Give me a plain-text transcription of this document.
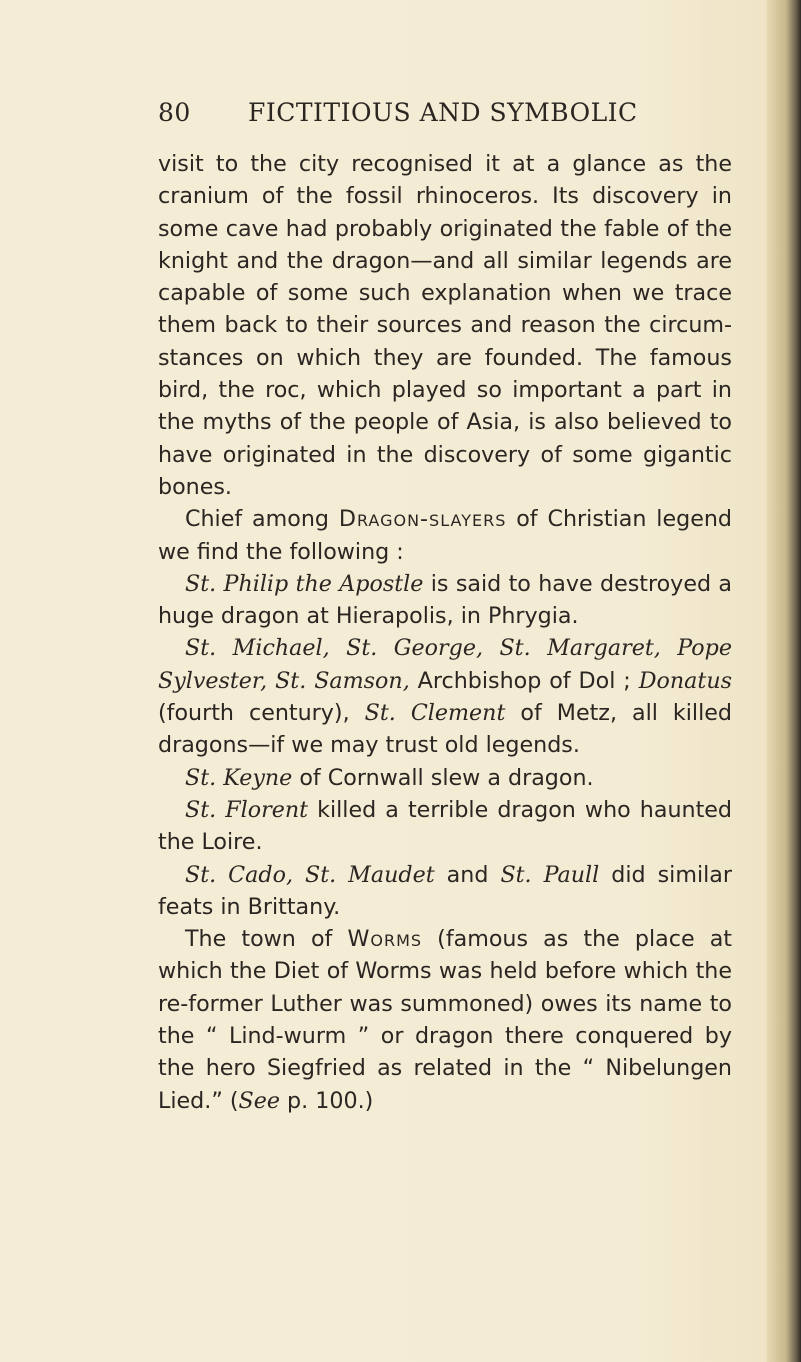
80 FICTITIOUS AND SYMBOLIC

visit to the city recognised it at a glance as the cranium of the fossil rhinoceros. Its discovery in some cave had probably originated the fable of the knight and the dragon—and all similar legends are capable of some such explanation when we trace them back to their sources and reason the circum-stances on which they are founded. The famous bird, the roc, which played so important a part in the myths of the people of Asia, is also believed to have originated in the discovery of some gigantic bones.

Chief among Dragon-slayers of Christian legend we find the following :

St. Philip the Apostle is said to have destroyed a huge dragon at Hierapolis, in Phrygia.

St. Michael, St. George, St. Margaret, Pope Sylvester, St. Samson, Archbishop of Dol ; Donatus (fourth century), St. Clement of Metz, all killed dragons—if we may trust old legends.

St. Keyne of Cornwall slew a dragon.

St. Florent killed a terrible dragon who haunted the Loire.

St. Cado, St. Maudet and St. Paull did similar feats in Brittany.

The town of Worms (famous as the place at which the Diet of Worms was held before which the re-former Luther was summoned) owes its name to the “ Lind-wurm ” or dragon there conquered by the hero Siegfried as related in the “ Nibelungen Lied.” (See p. 100.)
